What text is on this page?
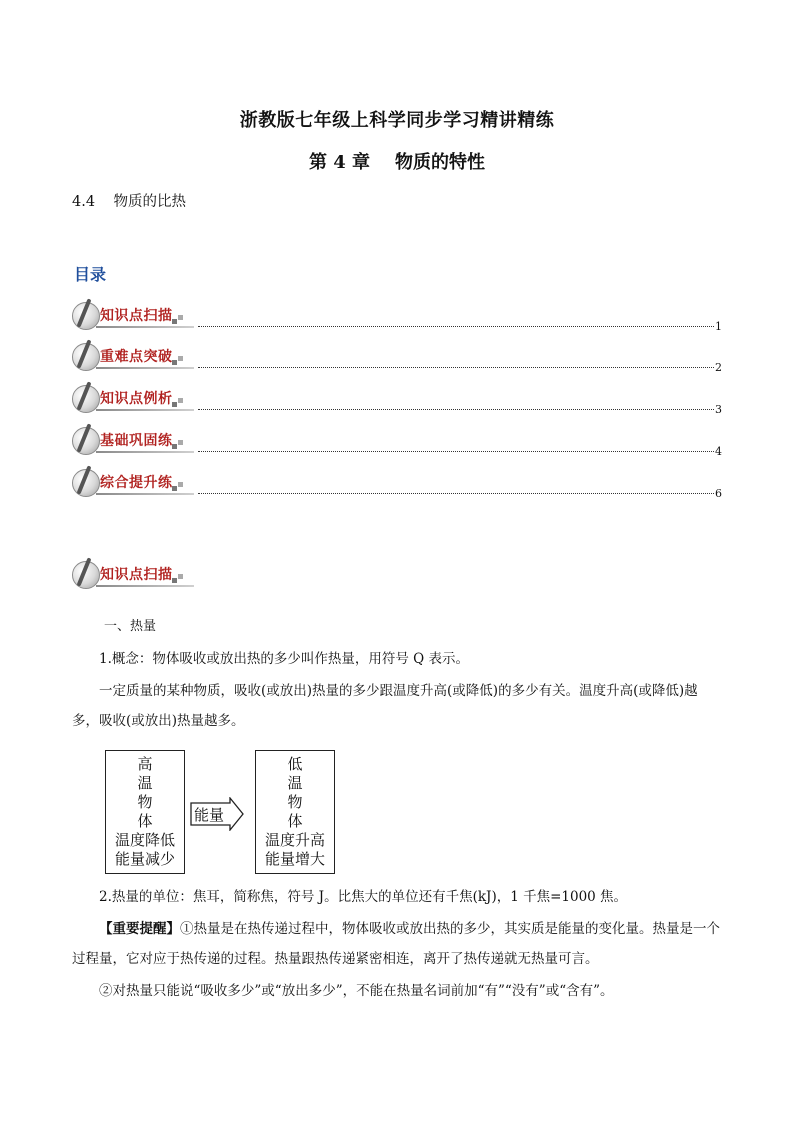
浙教版七年级上科学同步学习精讲精练
第 4 章    物质的特性
4.4    物质的比热
目录
知识点扫描
1
重难点突破
2
知识点例析
3
基础巩固练
4
综合提升练
6
知识点扫描
一、热量
1.概念：物体吸收或放出热的多少叫作热量，用符号 Q 表示。
一定质量的某种物质，吸收(或放出)热量的多少跟温度升高(或降低)的多少有关。温度升高(或降低)越多，吸收(或放出)热量越多。
高
温
物
体
温度降低
能量减少
能量
低
温
物
体
温度升高
能量增大
2.热量的单位：焦耳，简称焦，符号 J。比焦大的单位还有千焦(kJ)，1 千焦=1000 焦。
【重要提醒】①热量是在热传递过程中，物体吸收或放出热的多少，其实质是能量的变化量。热量是一个过程量，它对应于热传递的过程。热量跟热传递紧密相连，离开了热传递就无热量可言。
②对热量只能说“吸收多少”或“放出多少”，不能在热量名词前加“有”“没有”或“含有”。
